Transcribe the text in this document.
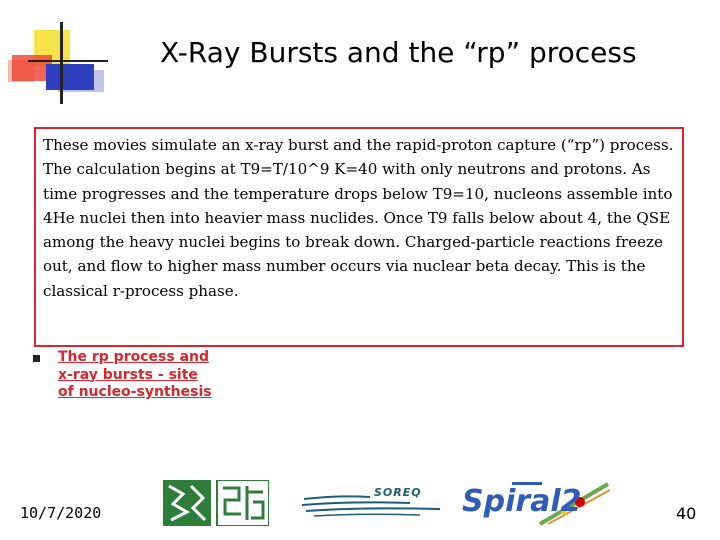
X-Ray Bursts and the “rp” process

These movies simulate an x-ray burst and the rapid-proton capture (“rp”) process.
The calculation begins at T9=T/10^9 K=40 with only neutrons and protons. As time progresses and the temperature drops below T9=10, nucleons assemble into 4He nuclei then into heavier mass nuclides. Once T9 falls below about 4, the QSE among the heavy nuclei begins to break down. Charged-particle reactions freeze out, and flow to higher mass number occurs via nuclear beta decay. This is the classical r-process phase.

The rp process and x-ray bursts - site of nucleo-synthesis
10/7/2020
SOREQ Spiral2	40
